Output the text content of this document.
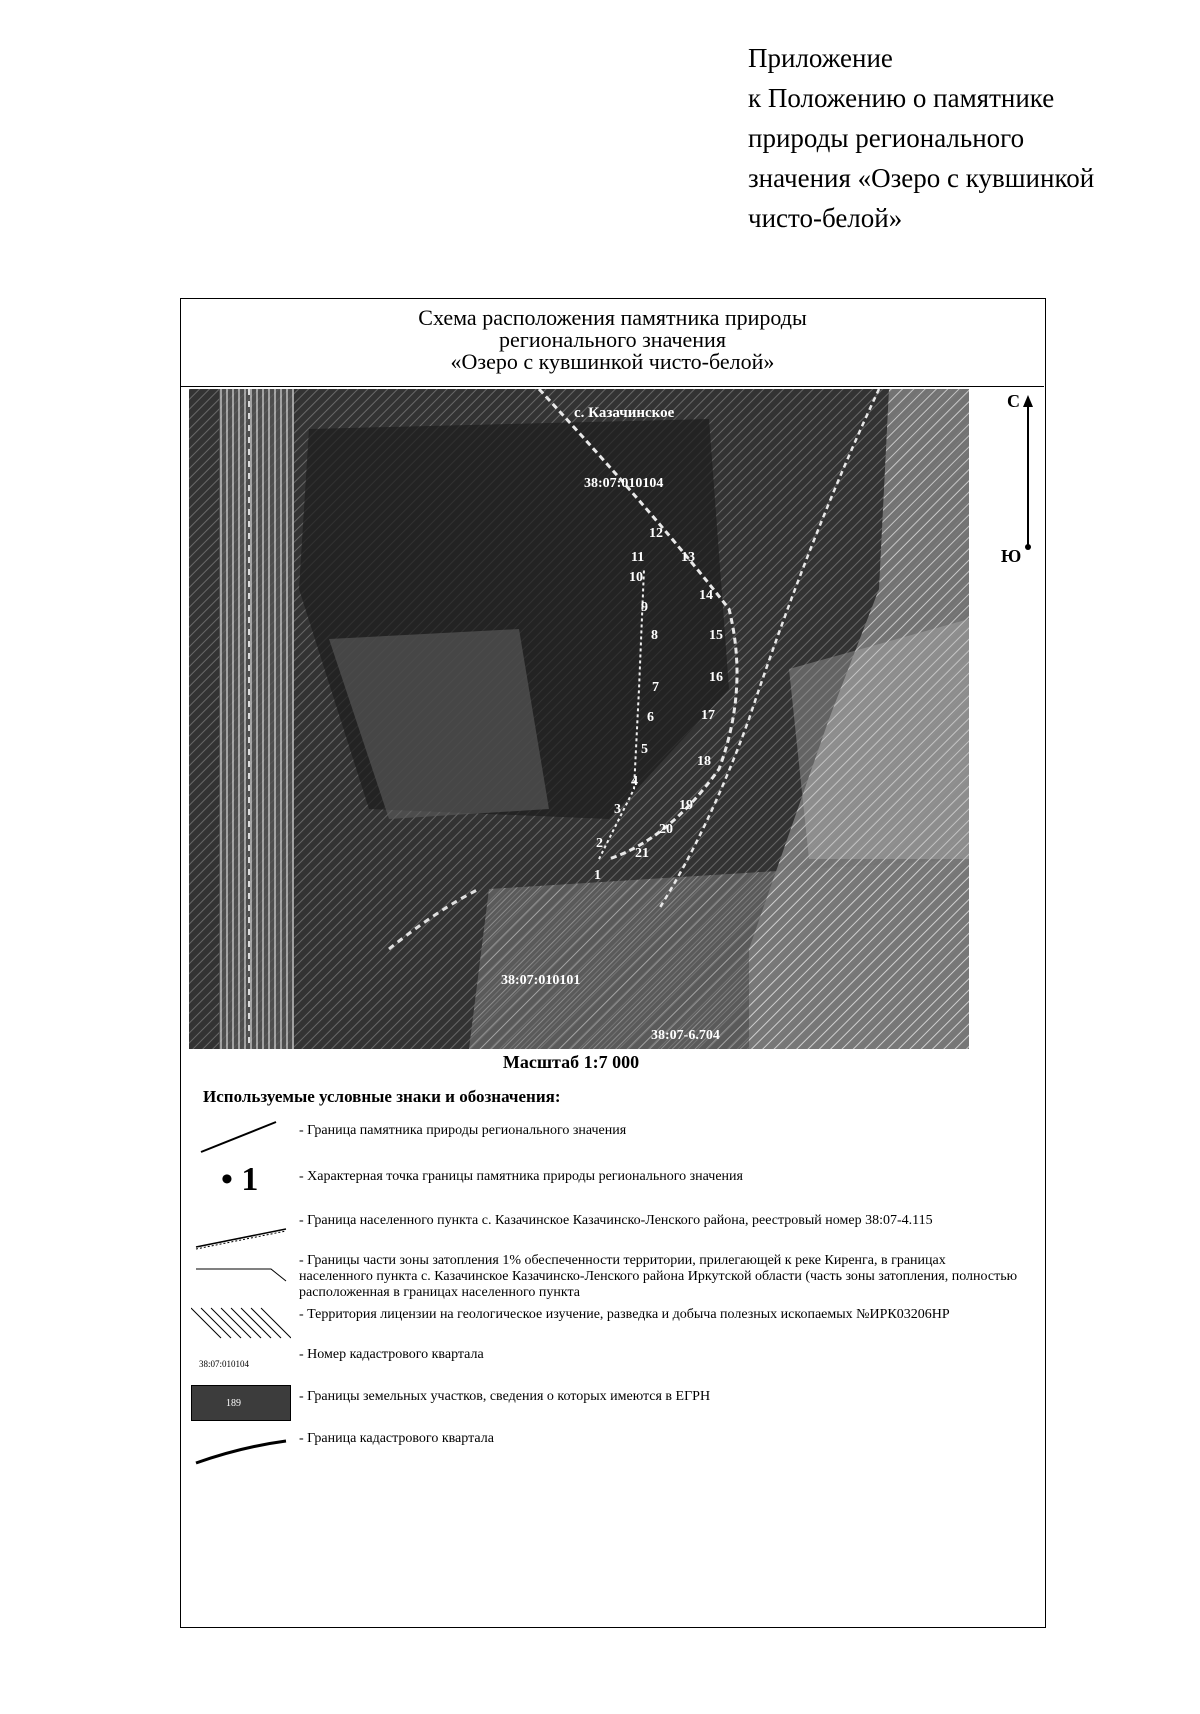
Приложение
к Положению о памятнике
природы регионального
значения «Озеро с кувшинкой
чисто-белой»
Схема расположения памятника природы
регионального значения
«Озеро с кувшинкой чисто-белой»
с. Казачинское
38:07:010104
38:07:010101
38:07-6.704
1
2
3
4
5
6
7
8
9
10
11
12
13
14
15
16
17
18
19
20
21
С
Ю
Масштаб 1:7 000
Используемые условные знаки и обозначения:
- Граница памятника природы регионального значения
• 1	- Характерная точка границы памятника природы регионального значения
- Граница населенного пункта с. Казачинское Казачинско-Ленского района, реестровый номер 38:07-4.115
- Границы части зоны затопления 1% обеспеченности территории, прилегающей к реке Киренга, в границах населенного пункта с. Казачинское Казачинско-Ленского района Иркутской области (часть зоны затопления, полностью расположенная в границах населенного пункта
- Территория лицензии на геологическое изучение, разведка и добыча полезных ископаемых №ИРК03206НР
38:07:010104
- Номер кадастрового квартала
189	- Границы земельных участков, сведения о которых имеются в ЕГРН
- Граница кадастрового квартала
